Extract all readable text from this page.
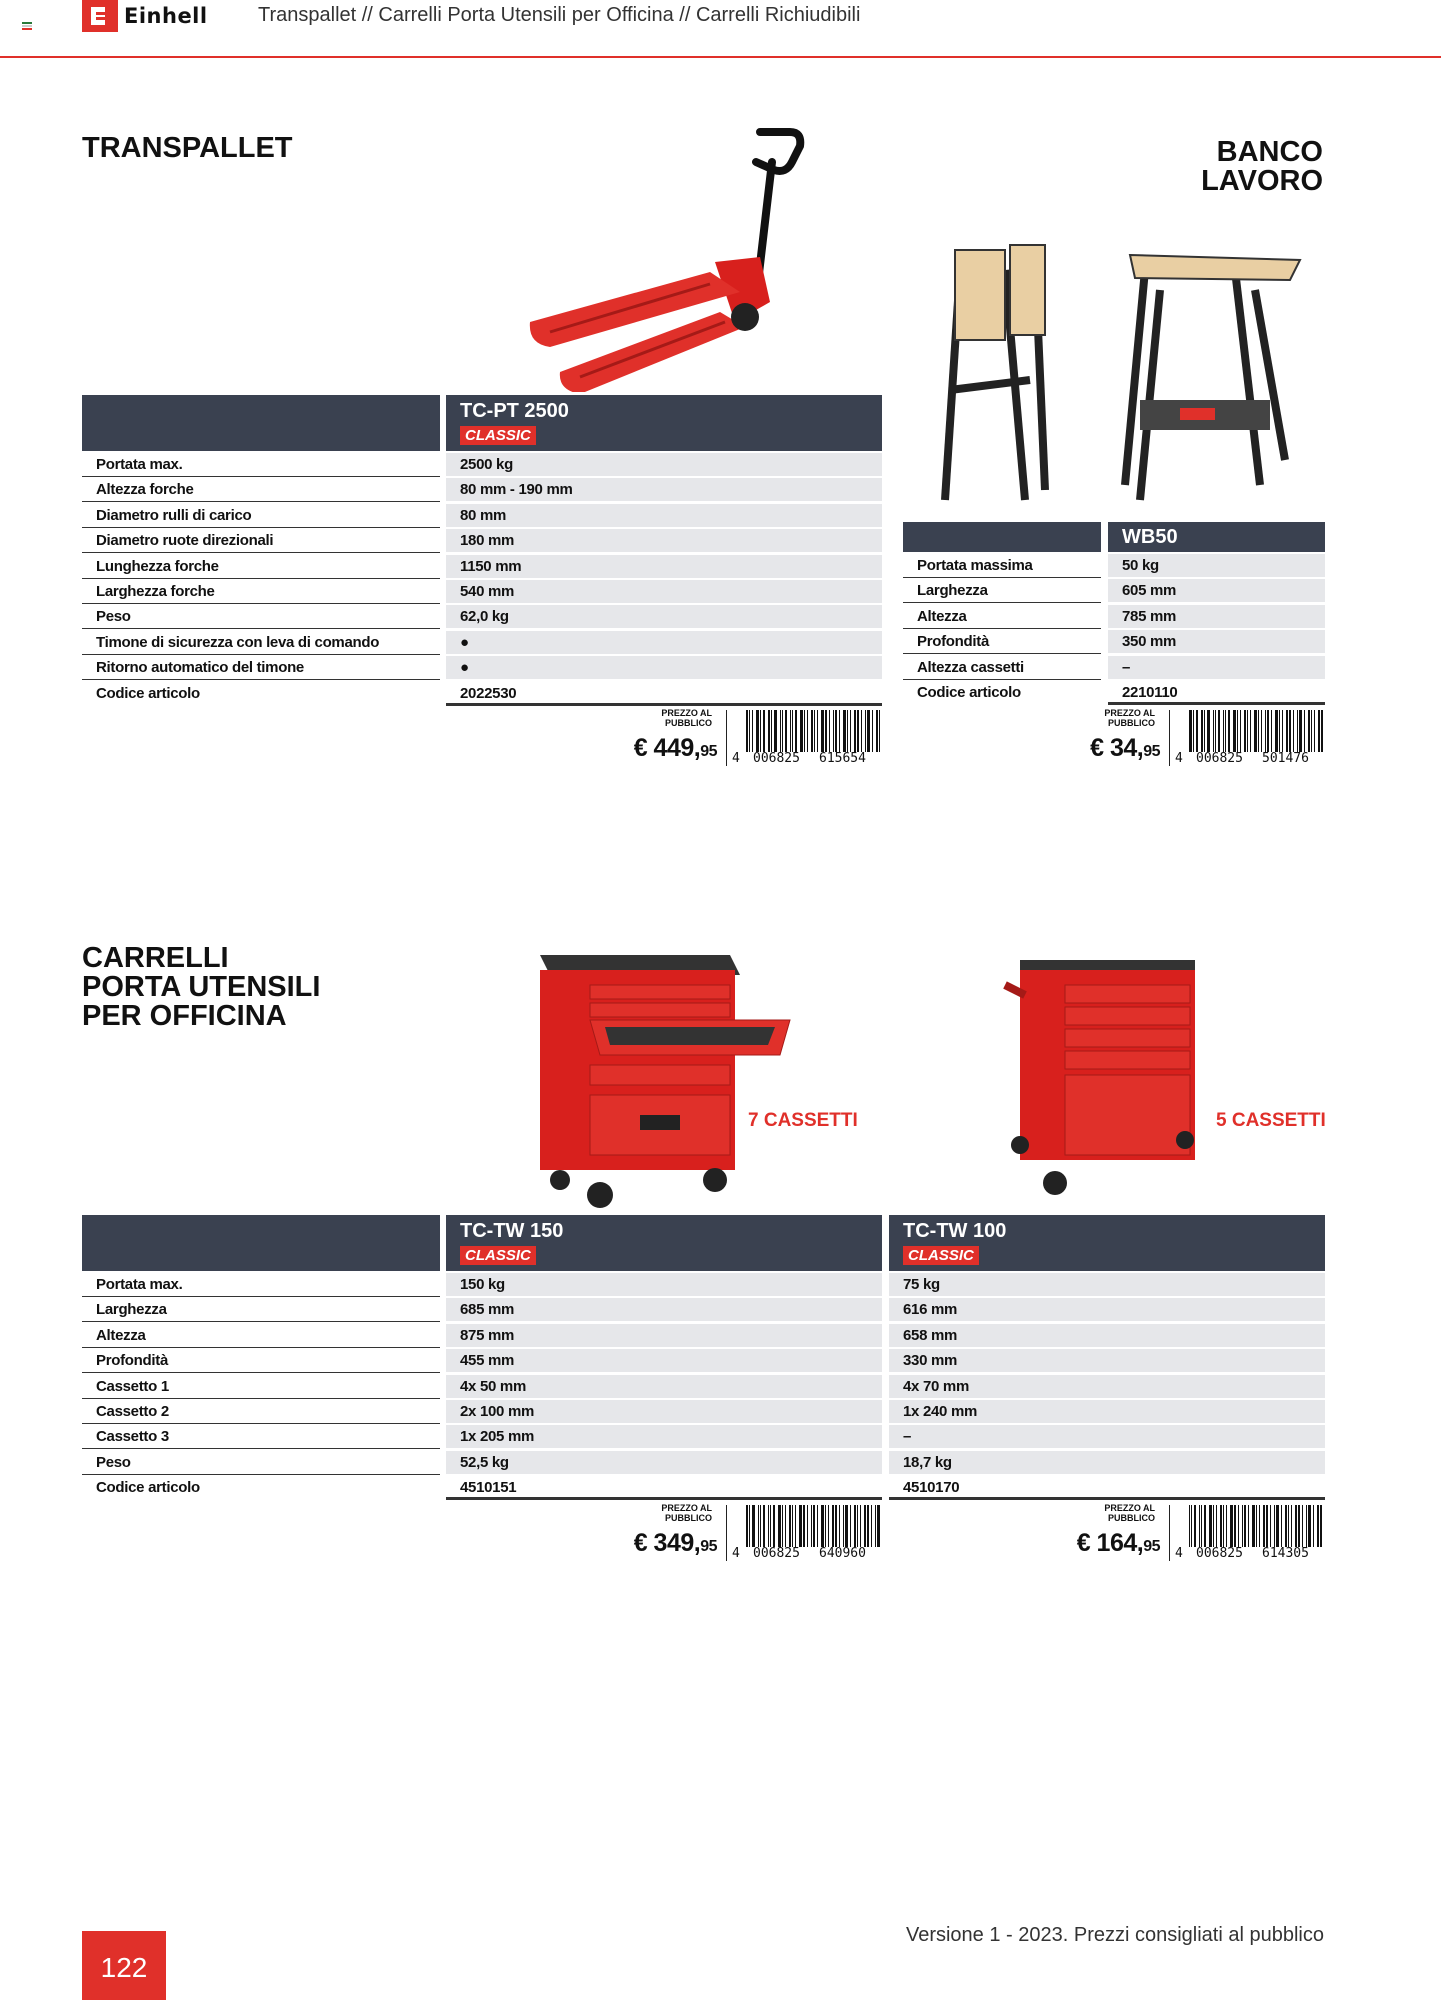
Einhell	Transpallet // Carrelli Porta Utensili per Officina // Carrelli Richiudibili
TRANSPALLET
TC-PT 2500
CLASSIC
Portata max.	2500 kg
Altezza forche	80 mm - 190 mm
Diametro rulli di carico	80 mm
Diametro ruote direzionali	180 mm
Lunghezza forche	1150 mm
Larghezza forche	540 mm
Peso	62,0 kg
Timone di sicurezza con leva di comando	●
Ritorno automatico del timone	●
Codice articolo	2022530
PREZZO AL
PUBBLICO
€ 449,95 4 006825 615654
BANCO
LAVORO
WB50
Portata massima	50 kg
Larghezza	605 mm
Altezza	785 mm
Profondità	350 mm
Altezza cassetti	–
Codice articolo	2210110
PREZZO AL
PUBBLICO
€ 34,95 4 006825 501476
CARRELLI
PORTA UTENSILI
PER OFFICINA
7 CASSETTI	5 CASSETTI
TC-TW 150
CLASSIC
TC-TW 100
CLASSIC
Portata max.	150 kg	75 kg
Larghezza	685 mm	616 mm
Altezza	875 mm	658 mm
Profondità	455 mm	330 mm
Cassetto 1	4x 50 mm	4x 70 mm
Cassetto 2	2x 100 mm	1x 240 mm
Cassetto 3	1x 205 mm	–
Peso	52,5 kg	18,7 kg
Codice articolo	4510151	4510170
PREZZO AL
PUBBLICO
€ 349,95 4 006825 640960
PREZZO AL
PUBBLICO
€ 164,95 4 006825 614305
Versione 1 - 2023. Prezzi consigliati al pubblico
122
